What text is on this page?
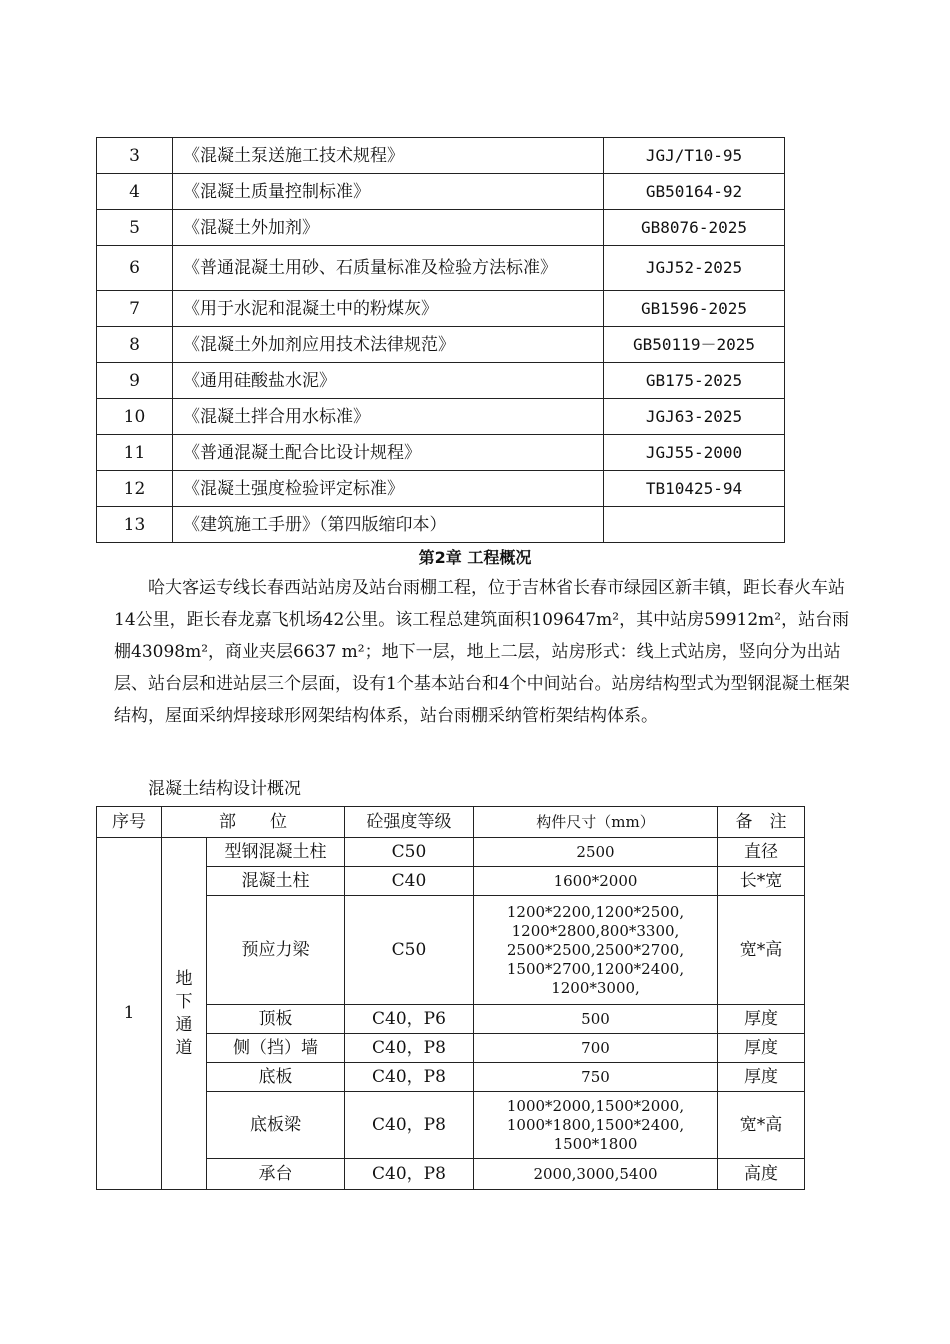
3	《混凝土泵送施工技术规程》	JGJ/T10-95
4	《混凝土质量控制标准》	GB50164-92
5	《混凝土外加剂》	GB8076-2025
6	《普通混凝土用砂、石质量标准及检验方法标准》	JGJ52-2025
7	《用于水泥和混凝土中的粉煤灰》	GB1596-2025
8	《混凝土外加剂应用技术法律规范》	GB50119－2025
9	《通用硅酸盐水泥》	GB175-2025
10	《混凝土拌合用水标准》	JGJ63-2025
11	《普通混凝土配合比设计规程》	JGJ55-2000
12	《混凝土强度检验评定标准》	TB10425-94
13	《建筑施工手册》（第四版缩印本）	
第2章 工程概况

哈大客运专线长春西站站房及站台雨棚工程，位于吉林省长春市绿园区新丰镇，距长春火车站14公里，距长春龙嘉飞机场42公里。该工程总建筑面积109647m²，其中站房59912m²，站台雨棚43098m²，商业夹层6637 m²；地下一层，地上二层，站房形式：线上式站房，竖向分为出站层、站台层和进站层三个层面，设有1个基本站台和4个中间站台。站房结构型式为型钢混凝土框架结构，屋面采纳焊接球形网架结构体系，站台雨棚采纳管桁架结构体系。

混凝土结构设计概况

序号	部　　位		砼强度等级	构件尺寸（mm）	备　注
1	地下通道	型钢混凝土柱	C50	2500	直径
		混凝土柱	C40	1600*2000	长*宽
		预应力梁	C50	1200*2200,1200*2500,
1200*2800,800*3300,
2500*2500,2500*2700,
1500*2700,1200*2400,
1200*3000,	宽*高
		顶板	C40，P6	500	厚度
		侧（挡）墙	C40，P8	700	厚度
		底板	C40，P8	750	厚度
		底板梁	C40，P8	1000*2000,1500*2000,
1000*1800,1500*2400,
1500*1800	宽*高
		承台	C40，P8	2000,3000,5400	高度
